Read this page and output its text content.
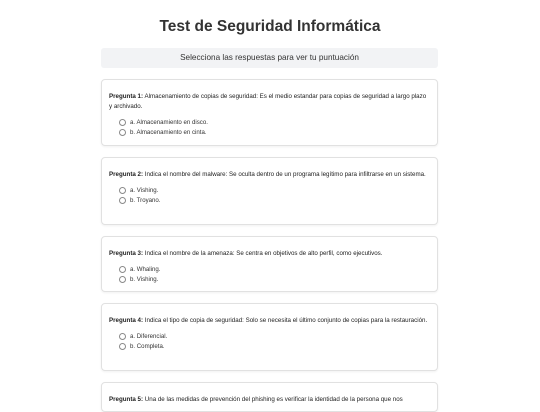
Test de Seguridad Informática
Selecciona las respuestas para ver tu puntuación
Pregunta 1: Almacenamiento de copias de seguridad: Es el medio estandar para copias de seguridad a largo plazo y archivado.
a. Almacenamiento en disco.
b. Almacenamiento en cinta.
Pregunta 2: Indica el nombre del malware: Se oculta dentro de un programa legítimo para infiltrarse en un sistema.
a. Vishing.
b. Troyano.
Pregunta 3: Indica el nombre de la amenaza: Se centra en objetivos de alto perfil, como ejecutivos.
a. Whaling.
b. Vishing.
Pregunta 4: Indica el tipo de copia de seguridad: Solo se necesita el último conjunto de copias para la restauración.
a. Diferencial.
b. Completa.
Pregunta 5: Una de las medidas de prevención del phishing es verificar la identidad de la persona que nos
